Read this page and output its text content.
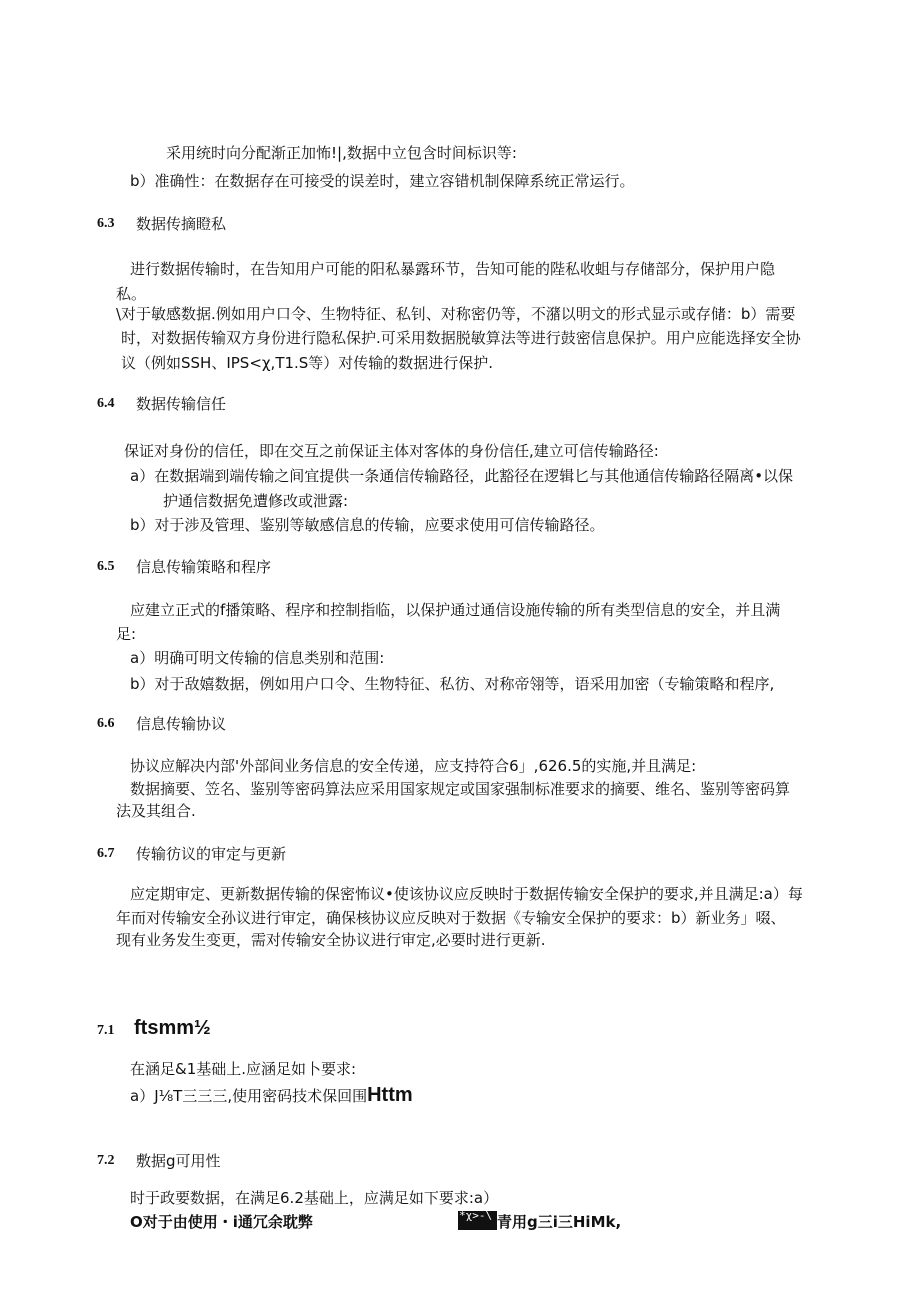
采用统时向分配渐正加怖!|,数据中立包含时间标识等:
b）准确性：在数据存在可接受的误差时，建立容错机制保障系统正常运行。
6.3 数据传摘瞪私
进行数据传输时，在告知用户可能的阳私暴露环节，告知可能的陛私收蛆与存储部分，保护用户隐
私。
\对于敏感数据.例如用户口令、生物特征、私钊、对称密仍等，不潴以明文的形式显示或存储：b）需要
时，对数据传输双方身份进行隐私保护.可采用数据脱敏算法等进行鼓密信息保护。用户应能选择安全协
议（例如SSH、IPS<χ,T1.S等）对传输的数据进行保护.
6.4 数据传输信任
保证对身份的信任，即在交互之前保证主体对客体的身份信任,建立可信传输路径:
a）在数据端到端传输之间宜提供一条通信传输路径，此豁径在逻辑匕与其他通信传输路径隔离•以保
护通信数据免遭修改或泄露:
b）对于涉及管理、鉴别等敏感信息的传输，应要求使用可信传输路径。
6.5 信息传输策略和程序
应建立正式的f播策略、程序和控制指临，以保护通过通信设施传输的所有类型信息的安全，并且满
足:
a）明确可明文传输的信息类别和范围:
b）对于敌嬉数据，例如用户口令、生物特征、私彷、对称帝翎等，语采用加密（专输策略和程序,
6.6 信息传输协议
协议应解决内部'外部间业务信息的安全传递，应支持符合6」,626.5的实施,并且满足:
数据摘要、笠名、鉴别等密码算法应采用国家规定或国家强制标准要求的摘要、维名、鉴别等密码算
法及其组合.
6.7 传输彷议的审定与更新
应定期审定、更新数据传输的保密怖议•使该协议应反映时于数据传输安全保护的要求,并且满足:a）每
年而对传输安全孙议进行审定，确保核协议应反映对于数据《专输安全保护的要求：b）新业务」啜、
现有业务发生变更，需对传输安全协议进行审定,必要时进行更新.
7.1 ftsmm½
在涵足&1基础上.应涵足如卜要求:
a）J⅛T三三三,使用密码技术保回围Httm
7.2 敷据g可用性
时于政要数据，在满足6.2基础上，应满足如下要求:a）
O对于由使用・i通冗余耽弊	*χ>-\ 青用g三i三HiMk,
